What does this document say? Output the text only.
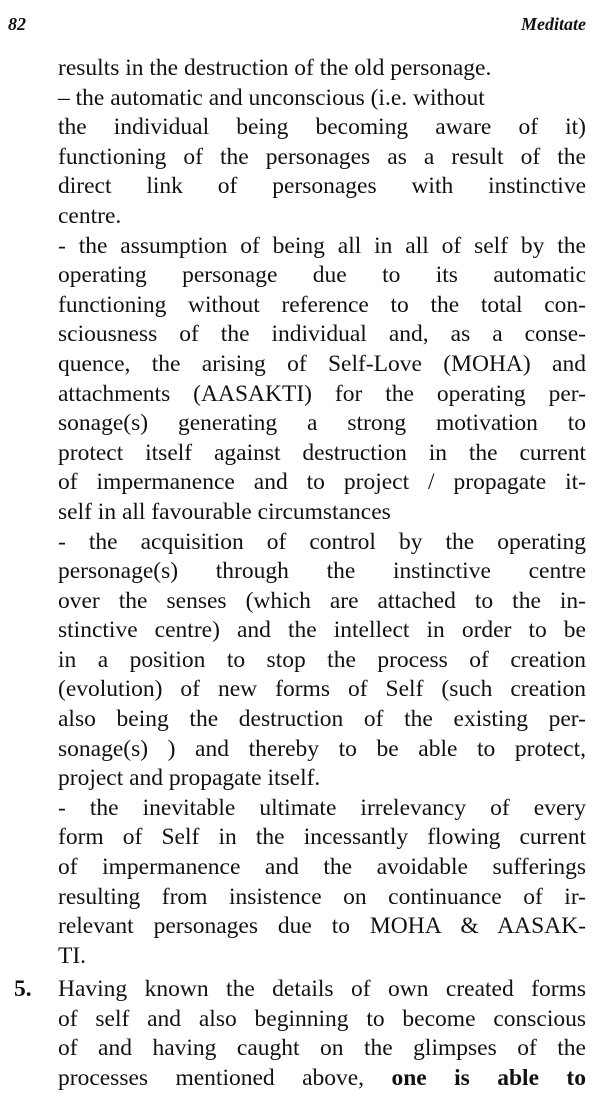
82	Meditate
results in the destruction of the old personage.
– the automatic and unconscious (i.e. without
the individual being becoming aware of it)
functioning of the personages as a result of the
direct link of personages with instinctive
centre.
- the assumption of being all in all of self by the
operating personage due to its automatic
functioning without reference to the total con-
sciousness of the individual and, as a conse-
quence, the arising of Self-Love (MOHA) and
attachments (AASAKTI) for the operating per-
sonage(s) generating a strong motivation to
protect itself against destruction in the current
of impermanence and to project / propagate it-
self in all favourable circumstances
- the acquisition of control by the operating
personage(s) through the instinctive centre
over the senses (which are attached to the in-
stinctive centre) and the intellect in order to be
in a position to stop the process of creation
(evolution) of new forms of Self (such creation
also being the destruction of the existing per-
sonage(s) ) and thereby to be able to protect,
project and propagate itself.
- the inevitable ultimate irrelevancy of every
form of Self in the incessantly flowing current
of impermanence and the avoidable sufferings
resulting from insistence on continuance of ir-
relevant personages due to MOHA & AASAK-
TI.
5. Having known the details of own created forms
of self and also beginning to become conscious
of and having caught on the glimpses of the
processes mentioned above, one is able to
